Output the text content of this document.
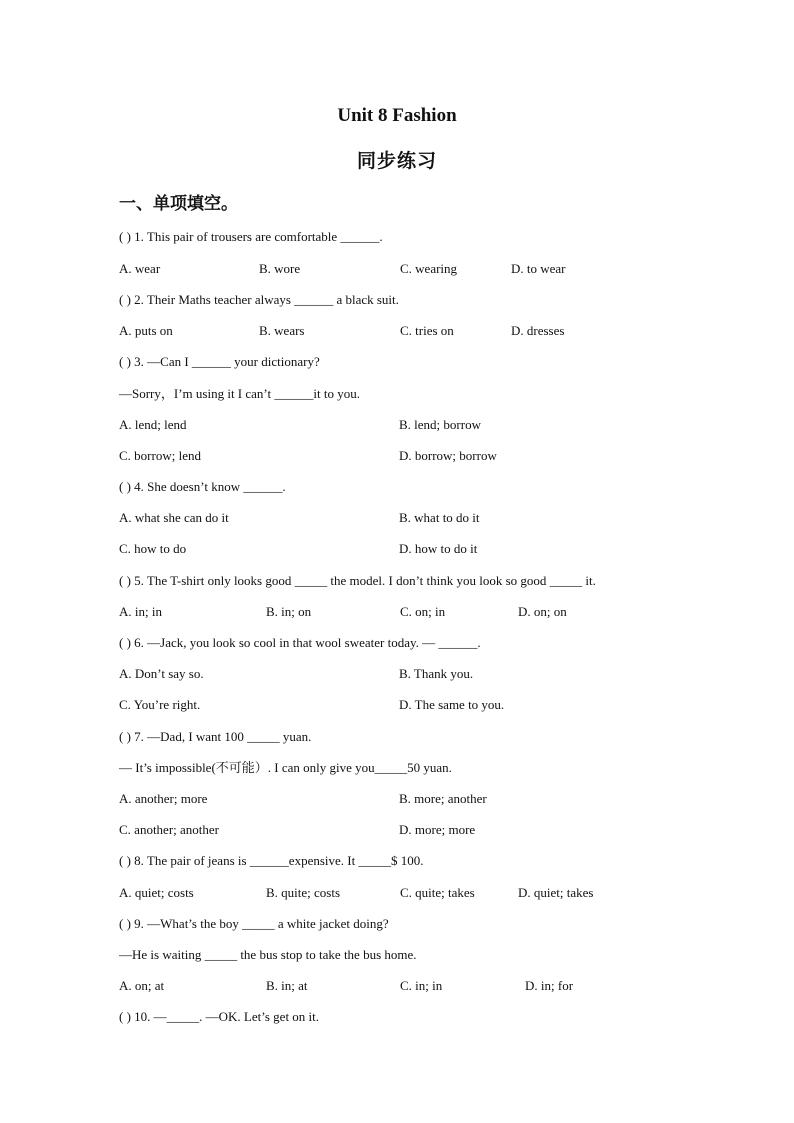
Unit 8 Fashion
同步练习
一、单项填空。
( ) 1. This pair of trousers are comfortable ______.
A. wear	B. wore	C. wearing	D. to wear
( ) 2. Their Maths teacher always ______ a black suit.
A. puts on	B. wears	C. tries on	D. dresses
( ) 3. —Can I ______ your dictionary?
—Sorry，I’m using it I can’t ______it to you.
A. lend; lend	B. lend; borrow
C. borrow; lend	D. borrow; borrow
( ) 4. She doesn’t know ______.
A. what she can do it	B. what to do it
C. how to do	D. how to do it
( ) 5. The T-shirt only looks good _____ the model. I don’t think you look so good _____ it.
A. in; in	B. in; on	C. on; in	D. on; on
( ) 6. —Jack, you look so cool in that wool sweater today. — ______.
A. Don’t say so.	B. Thank you.
C. You’re right.	D. The same to you.
( ) 7. —Dad, I want 100 _____ yuan.
— It’s impossible(不可能）. I can only give you_____50 yuan.
A. another; more	B. more; another
C. another; another	D. more; more
( ) 8. The pair of jeans is ______expensive. It _____$ 100.
A. quiet; costs	B. quite; costs	C. quite; takes	D. quiet; takes
( ) 9. —What’s the boy _____ a white jacket doing?
—He is waiting _____ the bus stop to take the bus home.
A. on; at	B. in; at	C. in; in	D. in; for
( ) 10. —_____. —OK. Let’s get on it.
